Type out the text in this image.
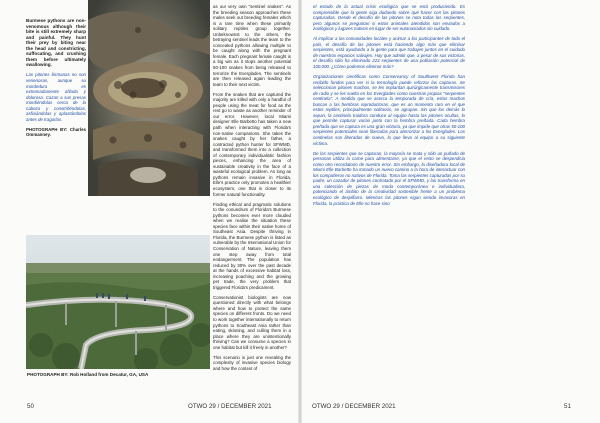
Burmese pythons are non-venomous although their bite is still extremely sharp and painful. They hunt their prey by biting near the head and constricting, suffocating, and crushing them before ultimately swallowing.

Las pitones birmanas no son venenosas, aunque su mordedura es extremadamente afilada y dolorosa. Cazan a sus presas mordiéndolas cerca de la cabeza y constriñéndolas, asfixiándolas y aplastándolas antes de tragarlas.

PHOTOGRAPH BY: Charles Ommanney.

as our very own "sentinel snakes". As the breeding season approaches these males seek out breeding females which is a rare time when these primarily solitary reptiles group together. Unbeknownst to the others, the betraying sentinel leads the team to the concealed pythons allowing multiple to be caught along with the pregnant female. Each pregnant female caught is a big win as it stops another potential 50-100 snakes from being released to terrorize the Everglades. The sentinels are then released again leading the team to their next victim.

From the snakes that are captured the majority are killed with only a handful of people using the meat for food as the rest go to waste as another reminder of our error. However, local Miami designer Elle Barbetto has taken a new path when interacting with Florida's non-native companions. She takes the snakes caught by her father, a contracted python hunter for SFWMD, and transformed them into a collection of contemporary individualistic fashion pieces, enhancing the area of sustainable creativity in the face of a wasteful ecological problem. As long as pythons remain invasive in Florida, Elle's practice only promotes a healthier ecosystem, one that is closer to its former natural functionality.

Finding ethical and pragmatic solutions to the conundrum of Florida's Burmese pythons becomes ever more clouded when we realise the situation these species face within their native home of Southeast Asia. Despite thriving in Florida, the Burmese python is listed as vulnerable by the International Union for Conservation of Nature, leaving them one step away from total endangerment. The population has reduced by 30% over the past decade at the hands of excessive habitat loss, increasing poaching and the growing pet trade, the very problem that triggered Florida's predicament.

Conservationist biologists are now questioned directly with what belongs where and how to protect the same species on different fronts. Do we need to work together internationally to return pythons to Southeast Asia rather than eating, skinning, and culling them in a place where they are unintentionally thriving? Can we consume a species in one habitat but kill it freely in another?

This scenario is just one revealing the complexity of invasive species biology and how the context of

PHOTOGRAPH BY: Rob Holland from Decatur, GA, USA
50	OTWO 29 / DECEMBER 2021

el estado de la actual crisis ecológica que se está produciendo. Es comprensible que la gente siga dudando sobre qué hacer con las pitones capturadas. Desde el desafío de las pitones se nota todas las serpientes, pero algunos se preguntan si estos animales atendidos son enviados a zoológicos y lugares nativos en lugar de ser eutanasiados sin cuidado.

Al implicar a las comunidades locales y animar a los participantes de todo el país, el desafío de las pitones está haciendo algo más que eliminar serpientes, está ayudando a la gente para que trabajen juntos en el cuidado de nuestros espacios salvajes. Hay que admitir que, a pesar de sus victorias, el desafío sólo ha eliminado 223 serpientes de una población potencial de 100.000. ¿Cómo podemos eliminar más?

Organizaciones científicas como Conservancy of Southwest Florida han recibido fondos para ver si la tecnología puede reforzar las capturas. Se seleccionan pitones machos, se les implantan quirúrgicamente transmisores de radio y se les suelta en los Everglades como nuestras propias "serpientes centinela". A medida que se acerca la temporada de cría, estos machos buscan a las hembras reproductoras, que es un momento raro en el que estos reptiles, principalmente solitarios, se agrupan. Sin que los demás lo sepan, la centinela traidora conduce al equipo hasta las pitones ocultas, lo que permite capturar varias junto con la hembra preñada. Cada hembra preñada que se captura es una gran victoria, ya que impide que otras 50-100 serpientes potenciales sean liberadas para aterrorizar a los Everglades. Los centinelas son liberados de nuevo, lo que lleva al equipo a su siguiente víctima.

De las serpientes que se capturan, la mayoría se mata y sólo un puñado de personas utiliza la carne para alimentarse, ya que el resto se desperdicia como otro recordatorio de nuestro error. Sin embargo, la diseñadora local de Miami Elle Barbetto ha tomado un nuevo camino a la hora de interactuar con los compañeros no nativos de Florida. Toma las serpientes capturadas por su padre, un cazador de pitones contratado por el SFWMD, y las transforma en una colección de piezas de moda contemporánea e individualista, potenciando el ámbito de la creatividad sostenible frente a un problema ecológico de despilfarro. Mientras las pitones sigan siendo invasoras en Florida, la práctica de Elle no hace sino

OTWO 29 / DECEMBER 2021	51
